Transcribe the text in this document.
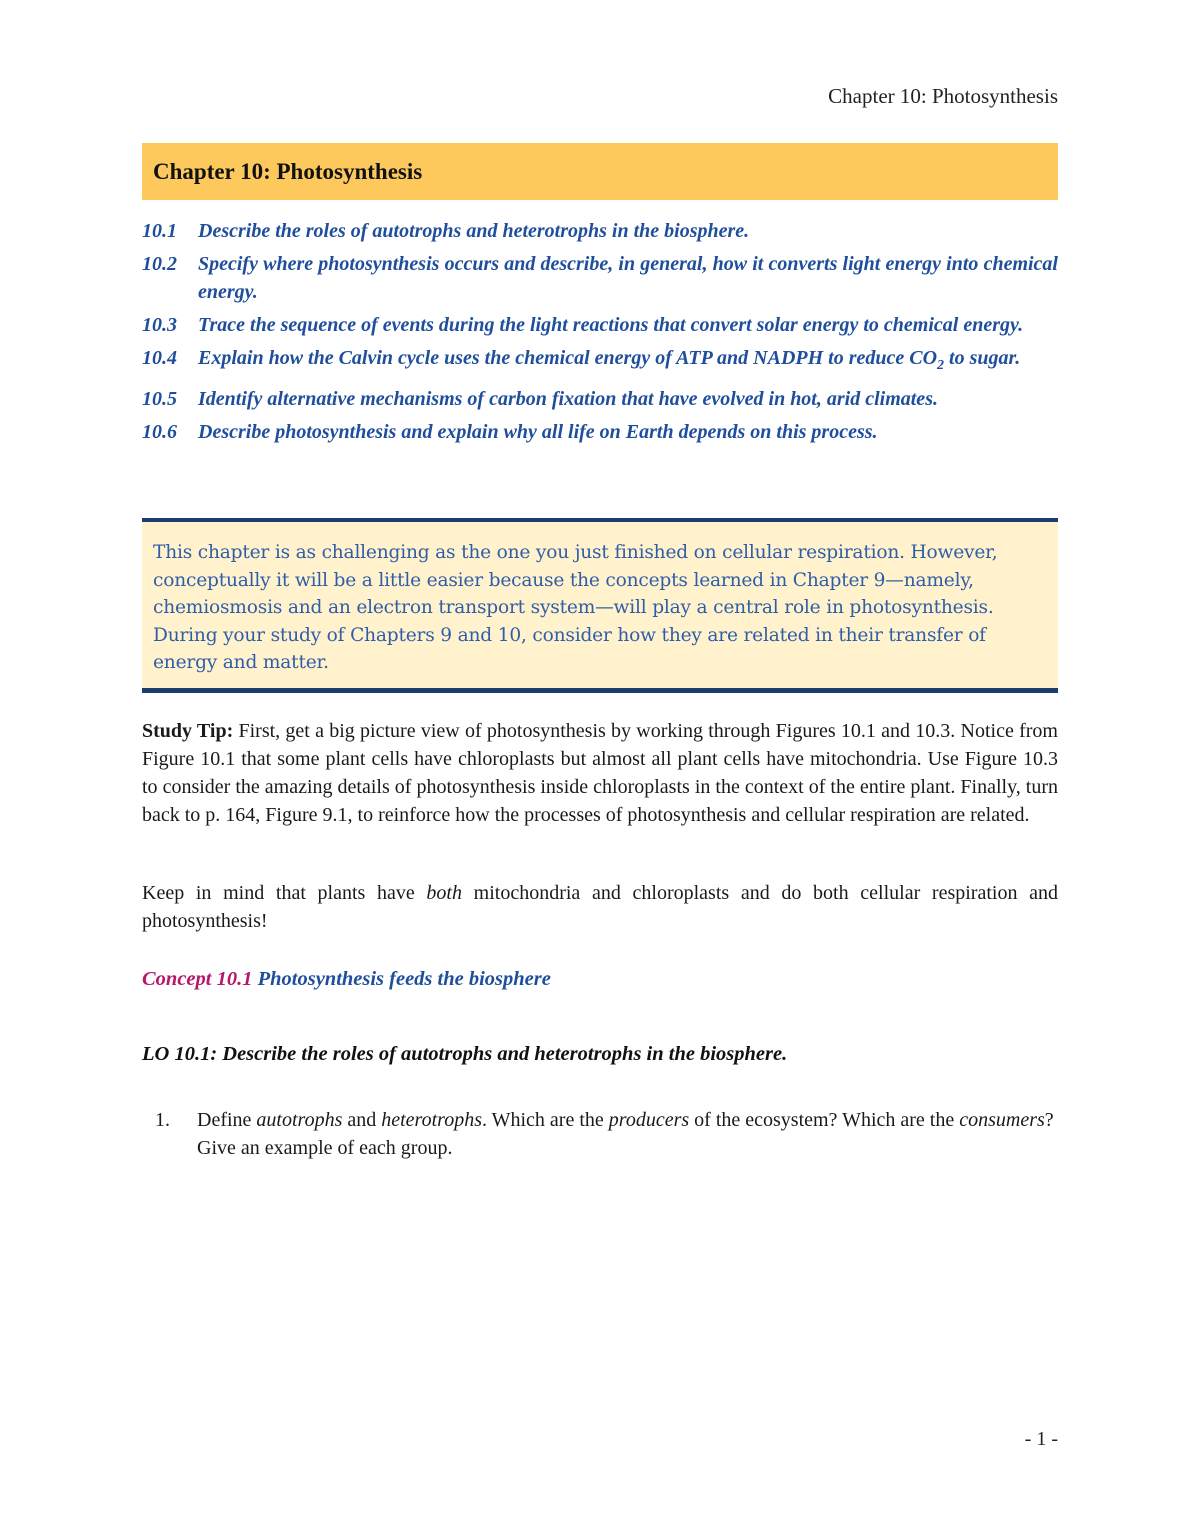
Chapter 10: Photosynthesis
Chapter 10: Photosynthesis
10.1	Describe the roles of autotrophs and heterotrophs in the biosphere.
10.2	Specify where photosynthesis occurs and describe, in general, how it converts light energy into chemical energy.
10.3	Trace the sequence of events during the light reactions that convert solar energy to chemical energy.
10.4	Explain how the Calvin cycle uses the chemical energy of ATP and NADPH to reduce $CO_2$ to sugar.
10.5	Identify alternative mechanisms of carbon fixation that have evolved in hot, arid climates.
10.6	Describe photosynthesis and explain why all life on Earth depends on this process.
This chapter is as challenging as the one you just finished on cellular respiration. However, conceptually it will be a little easier because the concepts learned in Chapter 9—namely, chemiosmosis and an electron transport system—will play a central role in photosynthesis. During your study of Chapters 9 and 10, consider how they are related in their transfer of energy and matter.
Study Tip: First, get a big picture view of photosynthesis by working through Figures 10.1 and 10.3. Notice from Figure 10.1 that some plant cells have chloroplasts but almost all plant cells have mitochondria. Use Figure 10.3 to consider the amazing details of photosynthesis inside chloroplasts in the context of the entire plant. Finally, turn back to p. 164, Figure 9.1, to reinforce how the processes of photosynthesis and cellular respiration are related.
Keep in mind that plants have both mitochondria and chloroplasts and do both cellular respiration and photosynthesis!
Concept 10.1 Photosynthesis feeds the biosphere
LO 10.1: Describe the roles of autotrophs and heterotrophs in the biosphere.
1.	Define autotrophs and heterotrophs. Which are the producers of the ecosystem? Which are the consumers? Give an example of each group.
- 1 -
